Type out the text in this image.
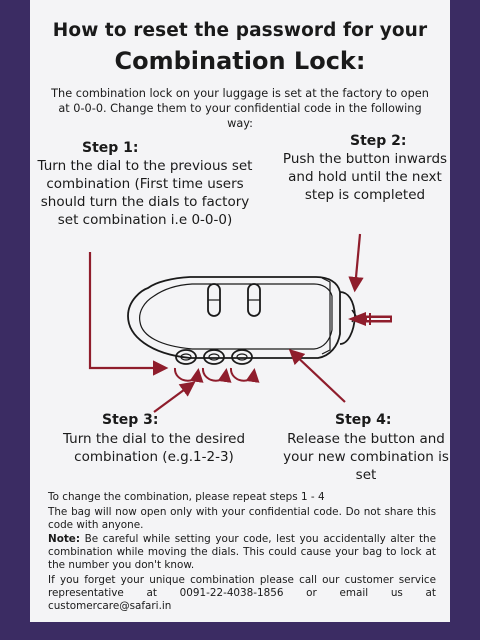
How to reset the password for your
Combination Lock:
The combination lock on your luggage is set at the factory to open at 0-0-0. Change them to your confidential code in the following way:
Step 1:
Turn the dial to the previous set combination (First time users should turn the dials to factory set combination i.e 0-0-0)
Step 2:
Push the button inwards and hold until the next step is completed
Step 3:
Turn the dial to the desired combination (e.g.1-2-3)
Step 4:
Release the button and your new combination is set
To change the combination, please repeat steps 1 - 4
The bag will now open only with your confidential code. Do not share this code with anyone.
Note: Be careful while setting your code, lest you accidentally alter the combination while moving the dials. This could cause your bag to lock at the number you don't know.
If you forget your unique combination please call our customer service representative at 0091-22-4038-1856 or email us at customercare@safari.in
